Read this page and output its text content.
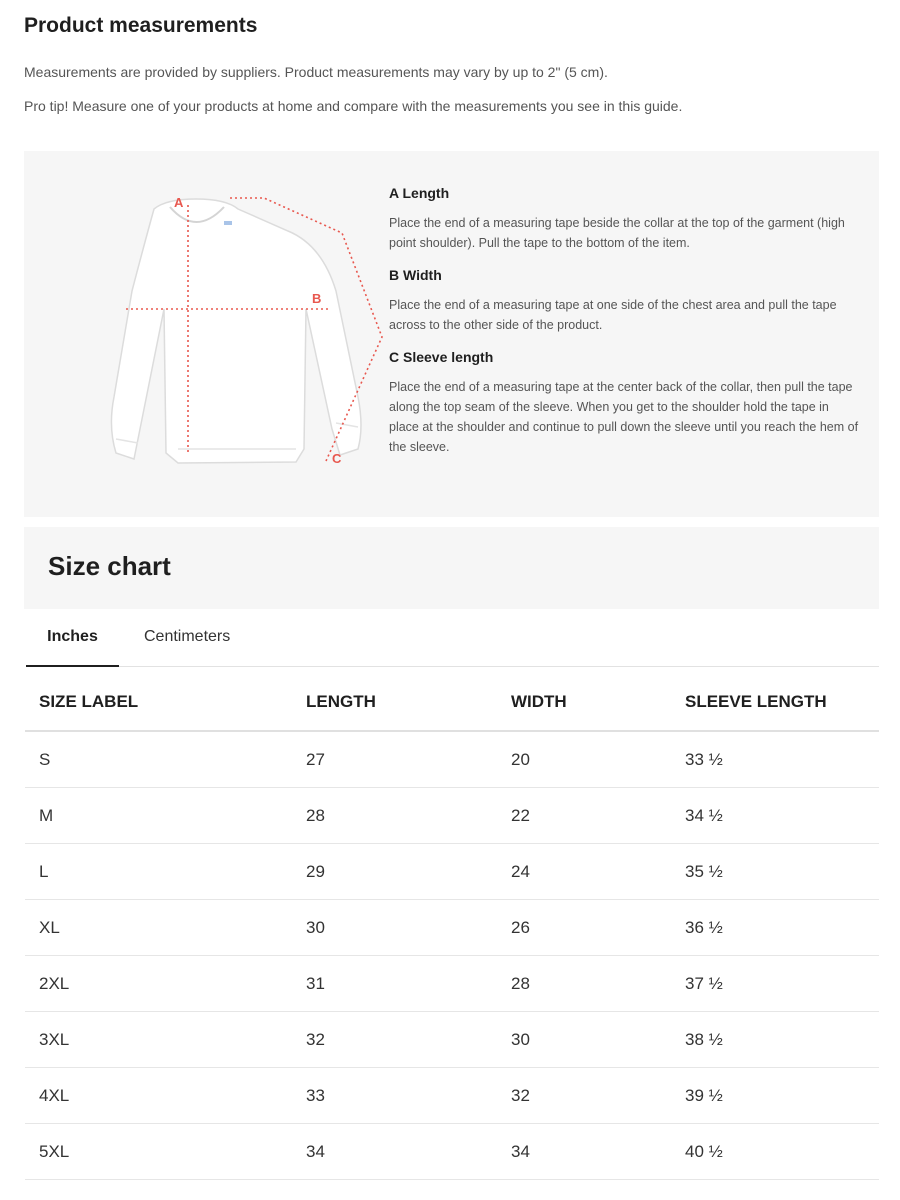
Product measurements

Measurements are provided by suppliers. Product measurements may vary by up to 2" (5 cm).

Pro tip! Measure one of your products at home and compare with the measurements you see in this guide.

A
B
C
A Length

Place the end of a measuring tape beside the collar at the top of the garment (high point shoulder). Pull the tape to the bottom of the item.

B Width

Place the end of a measuring tape at one side of the chest area and pull the tape across to the other side of the product.

C Sleeve length

Place the end of a measuring tape at the center back of the collar, then pull the tape along the top seam of the sleeve. When you get to the shoulder hold the tape in place at the shoulder and continue to pull down the sleeve until you reach the hem of the sleeve.

Size chart
Inches	Centimeters
SIZE LABEL	LENGTH	WIDTH	SLEEVE LENGTH
S	27	20	33 ½
M	28	22	34 ½
L	29	24	35 ½
XL	30	26	36 ½
2XL	31	28	37 ½
3XL	32	30	38 ½
4XL	33	32	39 ½
5XL	34	34	40 ½
